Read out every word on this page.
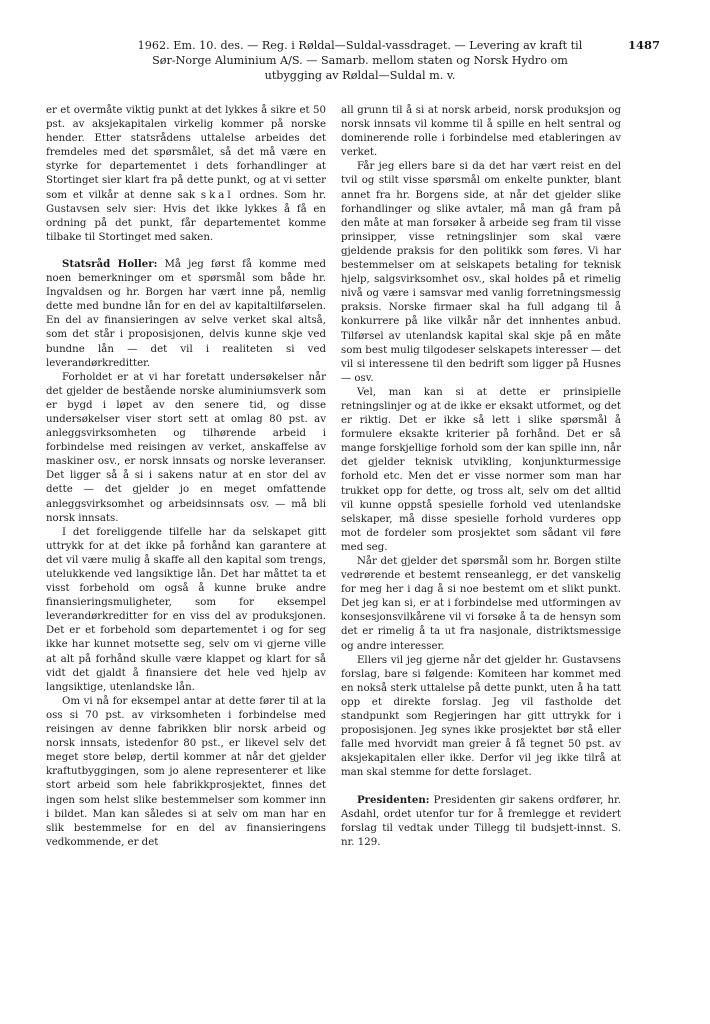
1962. Em. 10. des. — Reg. i Røldal—Suldal-vassdraget. — Levering av kraft til
Sør-Norge Aluminium A/S. — Samarb. mellom staten og Norsk Hydro om
utbygging av Røldal—Suldal m. v.
1487

er et overmåte viktig punkt at det lykkes å sikre et 50 pst. av aksjekapitalen virkelig kommer på norske hender. Etter statsrådens uttalelse arbeides det fremdeles med det spørsmålet, så det må være en styrke for departementet i dets forhandlinger at Stortinget sier klart fra på dette punkt, og at vi setter som et vilkår at denne sak skal ordnes. Som hr. Gustavsen selv sier: Hvis det ikke lykkes å få en ordning på det punkt, får departementet komme tilbake til Stortinget med saken.

Statsråd Holler: Må jeg først få komme med noen bemerkninger om et spørsmål som både hr. Ingvaldsen og hr. Borgen har vært inne på, nemlig dette med bundne lån for en del av kapitaltilførselen. En del av finansieringen av selve verket skal altså, som det står i proposisjonen, delvis kunne skje ved bundne lån — det vil i realiteten si ved leverandørkreditter.

Forholdet er at vi har foretatt undersøkelser når det gjelder de bestående norske aluminiumsverk som er bygd i løpet av den senere tid, og disse undersøkelser viser stort sett at omlag 80 pst. av anleggsvirksomheten og tilhørende arbeid i forbindelse med reisingen av verket, anskaffelse av maskiner osv., er norsk innsats og norske leveranser. Det ligger så å si i sakens natur at en stor del av dette — det gjelder jo en meget omfattende anleggsvirksomhet og arbeidsinnsats osv. — må bli norsk innsats.

I det foreliggende tilfelle har da selskapet gitt uttrykk for at det ikke på forhånd kan garantere at det vil være mulig å skaffe all den kapital som trengs, utelukkende ved langsiktige lån. Det har måttet ta et visst forbehold om også å kunne bruke andre finansieringsmuligheter, som for eksempel leverandørkreditter for en viss del av produksjonen. Det er et forbehold som departementet i og for seg ikke har kunnet motsette seg, selv om vi gjerne ville at alt på forhånd skulle være klappet og klart for så vidt det gjaldt å finansiere det hele ved hjelp av langsiktige, utenlandske lån.

Om vi nå for eksempel antar at dette fører til at la oss si 70 pst. av virksomheten i forbindelse med reisingen av denne fabrikken blir norsk arbeid og norsk innsats, istedenfor 80 pst., er likevel selv det meget store beløp, dertil kommer at når det gjelder kraftutbyggingen, som jo alene representerer et like stort arbeid som hele fabrikkprosjektet, finnes det ingen som helst slike bestemmelser som kommer inn i bildet. Man kan således si at selv om man har en slik bestemmelse for en del av finansieringens vedkommende, er det

all grunn til å si at norsk arbeid, norsk produksjon og norsk innsats vil komme til å spille en helt sentral og dominerende rolle i forbindelse med etableringen av verket.

Får jeg ellers bare si da det har vært reist en del tvil og stilt visse spørsmål om enkelte punkter, blant annet fra hr. Borgens side, at når det gjelder slike forhandlinger og slike avtaler, må man gå fram på den måte at man forsøker å arbeide seg fram til visse prinsipper, visse retningslinjer som skal være gjeldende praksis for den politikk som føres. Vi har bestemmelser om at selskapets betaling for teknisk hjelp, salgsvirksomhet osv., skal holdes på et rimelig nivå og være i samsvar med vanlig forretningsmessig praksis. Norske firmaer skal ha full adgang til å konkurrere på like vilkår når det innhentes anbud. Tilførsel av utenlandsk kapital skal skje på en måte som best mulig tilgodeser selskapets interesser — det vil si interessene til den bedrift som ligger på Husnes — osv.

Vel, man kan si at dette er prinsipielle retningslinjer og at de ikke er eksakt utformet, og det er riktig. Det er ikke så lett i slike spørsmål å formulere eksakte kriterier på forhånd. Det er så mange forskjellige forhold som der kan spille inn, når det gjelder teknisk utvikling, konjunkturmessige forhold etc. Men det er visse normer som man har trukket opp for dette, og tross alt, selv om det alltid vil kunne oppstå spesielle forhold ved utenlandske selskaper, må disse spesielle forhold vurderes opp mot de fordeler som prosjektet som sådant vil føre med seg.

Når det gjelder det spørsmål som hr. Borgen stilte vedrørende et bestemt renseanlegg, er det vanskelig for meg her i dag å si noe bestemt om et slikt punkt. Det jeg kan si, er at i forbindelse med utformingen av konsesjonsvilkårene vil vi forsøke å ta de hensyn som det er rimelig å ta ut fra nasjonale, distriktsmessige og andre interesser.

Ellers vil jeg gjerne når det gjelder hr. Gustavsens forslag, bare si følgende: Komiteen har kommet med en nokså sterk uttalelse på dette punkt, uten å ha tatt opp et direkte forslag. Jeg vil fastholde det standpunkt som Regjeringen har gitt uttrykk for i proposisjonen. Jeg synes ikke prosjektet bør stå eller falle med hvorvidt man greier å få tegnet 50 pst. av aksjekapitalen eller ikke. Derfor vil jeg ikke tilrå at man skal stemme for dette forslaget.

Presidenten: Presidenten gir sakens ordfører, hr. Asdahl, ordet utenfor tur for å fremlegge et revidert forslag til vedtak under Tillegg til budsjett-innst. S. nr. 129.
